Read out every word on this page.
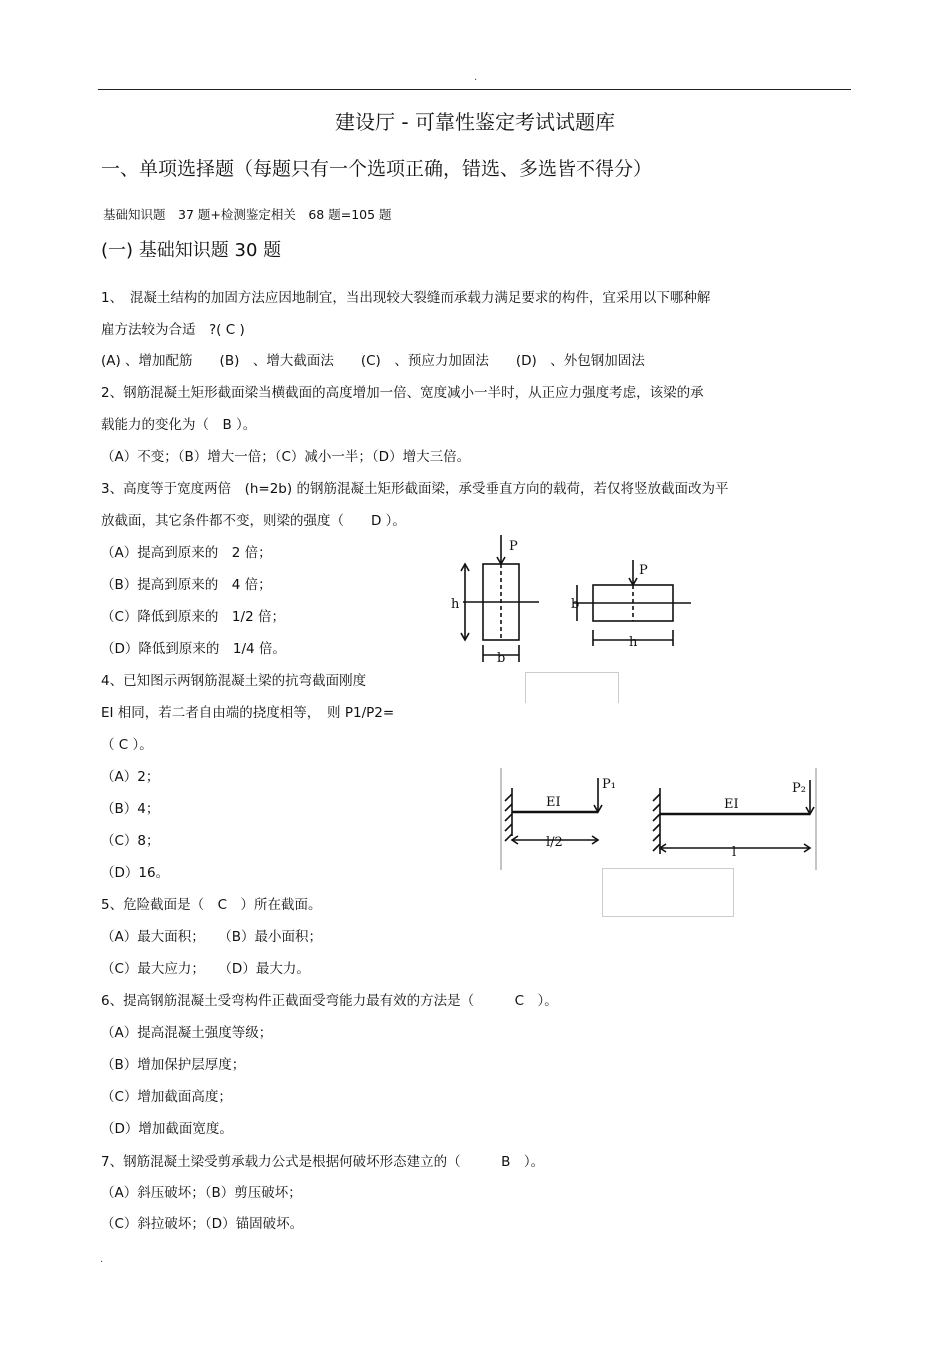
.
建设厅 - 可靠性鉴定考试试题库
一、单项选择题（每题只有一个选项正确，错选、多选皆不得分）
基础知识题　37 题+检测鉴定相关　68 题=105 题
(一) 基础知识题 30 题
1、　混凝土结构的加固方法应因地制宜，当出现较大裂缝而承载力满足要求的构件，宜采用以下哪种解
雇方法较为合适　?( C )
(A) 、增加配筋　　(B)　、增大截面法　　(C)　、预应力加固法　　(D)　、外包钢加固法
2、钢筋混凝土矩形截面梁当横截面的高度增加一倍、宽度减小一半时，从正应力强度考虑，该梁的承
载能力的变化为（　B ）。
（A）不变；（B）增大一倍；（C）减小一半；（D）增大三倍。
3、高度等于宽度两倍　(h=2b) 的钢筋混凝土矩形截面梁，承受垂直方向的载荷，若仅将竖放截面改为平
放截面，其它条件都不变，则梁的强度（　　D ）。
（A）提高到原来的　2 倍；
（B）提高到原来的　4 倍；
（C）降低到原来的　1/2 倍；
（D）降低到原来的　1/4 倍。
P
h
b
P
b
h
4、已知图示两钢筋混凝土梁的抗弯截面刚度
EI 相同，若二者自由端的挠度相等，　则 P1/P2=
（ C ）。
（A）2；
（B）4；
（C）8；
（D）16。
EI
P₁
l/2
EI
P₂
l
5、危险截面是（　C　）所在截面。
（A）最大面积；　　（B）最小面积；
（C）最大应力；　　（D）最大力。
6、提高钢筋混凝土受弯构件正截面受弯能力最有效的方法是（　　　C　）。
（A）提高混凝土强度等级；
（B）增加保护层厚度；
（C）增加截面高度；
（D）增加截面宽度。
7、钢筋混凝土梁受剪承载力公式是根据何破坏形态建立的（　　　B　）。
（A）斜压破坏；（B）剪压破坏；
（C）斜拉破坏；（D）锚固破坏。
.
